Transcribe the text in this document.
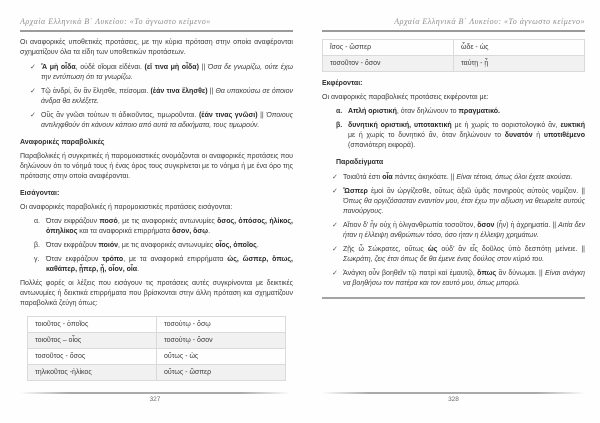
Αρχαία Ελληνικά Β΄ Λυκείου: «Το άγνωστο κείμενο»

Οι αναφορικές υποθετικές προτάσεις, με την κύρια πρόταση στην οποία αναφέρονται σχηματίζουν όλα τα είδη των υποθετικών προτάσεων.

✓ Ἃ μὴ οἶδα, οὐδὲ οἴομαι εἰδέναι. (εἴ τινα μὴ οἶδα) || Όσα δε γνωρίζω, ούτε έχω την εντύπωση ότι τα γνωρίζω.
✓ Τῷ ἀνδρί, ὃν ἂν ἕλησθε, πείσομαι. (ἐάν τινα ἕλησθε) || Θα υπακούσω σε όποιον άνδρα θα εκλέξετε.
✓ Οὓς ἂν γνῶσι τούτων τι ἀδικοῦντας, τιμωροῦνται. (ἐάν τινας γνῶσι) || Όποιους αντιληφθούν ότι κάνουν κάποιο από αυτά τα αδικήματα, τους τιμωρούν.
Αναφορικές παραβολικές

Παραβολικές ή συγκριτικές ή παρομοιαστικές ονομάζονται οι αναφορικές προτάσεις που δηλώνουν ότι το νόημά τους ή ένας όρος τους συγκρίνεται με το νόημα ή με ένα όρο της πρότασης στην οποία αναφέρονται.

Εισάγονται:

Οι αναφορικές παραβολικές ή παρομοιαστικές προτάσεις εισάγονται:

α. Όταν εκφράζουν ποσό, με τις αναφορικές αντωνυμίες ὅσος, ὁπόσος, ἡλίκος, ὁπηλίκος και τα αναφορικά επιρρήματα ὅσον, ὅσῳ.
β. Όταν εκφράζουν ποιόν, με τις αναφορικές αντωνυμίες οἷος, ὁποῖος.
γ. Όταν εκφράζουν τρόπο, με τα αναφορικά επιρρήματα ὡς, ὥσπερ, ὅπως, καθάπερ, ᾗπερ, ᾗ, οἷον, οἷα.

Πολλές φορές οι λέξεις που εισάγουν τις προτάσεις αυτές συγκρίνονται με δεικτικές αντωνυμίες ή δεικτικά επιρρήματα που βρίσκονται στην άλλη πρόταση και σχηματίζουν παραβολικά ζεύγη όπως:

τοιοῦτος - ὁποῖος	τοσούτῳ - ὅσῳ
τοιοῦτος – οἷος	τοσούτῳ - ὅσον
τοσοῦτος - ὅσος	οὕτως - ὡς
τηλικοῦτος -ἡλίκος	οὕτως - ὥσπερ
327
Αρχαία Ελληνικά Β΄ Λυκείου: «Το άγνωστο κείμενο»
ἴσος - ὥσπερ	ὧδε - ὡς
τοσοῦτον - ὅσον	ταύτῃ - ᾗ
Εκφέρονται:

Οι αναφορικές παραβολικές προτάσεις εκφέρονται με:

α. Απλή οριστική, όταν δηλώνουν το πραγματικό.
β. δυνητική οριστική, υποτακτική με ή χωρίς το αοριστολογικό ἄν, ευκτική με ή χωρίς το δυνητικό ἄν, όταν δηλώνουν το δυνατόν ή υποτιθέμενο (σπανιότερη εκφορά).
Παραδείγματα
✓ Τοιαῦτά ἐστι οἷα πάντες ἀκηκόατε. || Είναι τέτοια, όπως όλοι έχετε ακούσει.
✓ Ὥσπερ ἐμοὶ ἂν ὠργίζεσθε, οὕτως ἀξιῶ ὑμᾶς πονηροὺς αὐτοὺς νομίζειν. || Όπως θα οργιζόσασταν εναντίον μου, έτσι έχω την αξίωση να θεωρείτε αυτούς πανούργους.
✓ Αἴτιον δ’ ἦν οὐχ ἡ ὀλιγανθρωπία τοσοῦτον, ὅσον (ἦν) ἡ ἀχρηματία. || Αιτία δεν ήταν η έλλειψη ανθρώπων τόσο, όσο ήταν η έλλειψη χρημάτων.
✓ Ζῇς ὦ Σώκρατες, οὕτως ὡς οὐδ’ ἂν εἷς δοῦλος ὑπὸ δεσπότῃ μείνειε. || Σωκράτη, ζεις έτσι όπως δε θα έμενε ένας δούλος στον κύριό του.
✓ Ἀνάγκη οὖν βοηθεῖν τῷ πατρὶ καὶ ἐμαυτῷ, ὅπως ἂν δύνωμαι. || Είναι ανάγκη να βοηθήσω τον πατέρα και τον εαυτό μου, όπως μπορώ.
328
